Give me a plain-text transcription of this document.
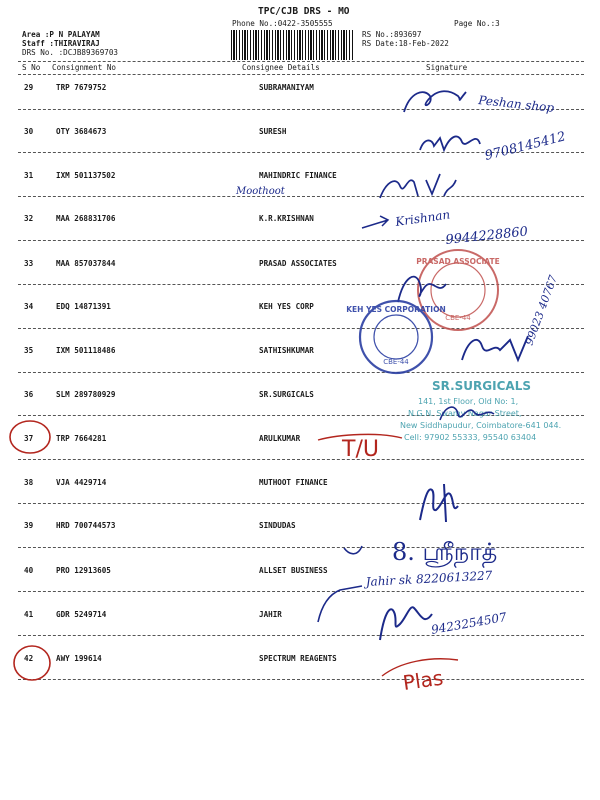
TPC/CJB DRS - MO
Phone No.:0422-3505555	Page No.:3
Area :P N PALAYAM
Staff :THIRAVIRAJ
DRS No. :DCJB89369703
RS No.:893697
RS Date:18-Feb-2022
S No Consignment No	Consignee Details	Signature
29	TRP 7679752	SUBRAMANIYAM
30	OTY 3684673	SURESH
31	IXM 501137502	MAHINDRIC FINANCE
32	MAA 268831706	K.R.KRISHNAN
33	MAA 857037844	PRASAD ASSOCIATES
34	EDQ 14871391	KEH YES CORP
35	IXM 501118486	SATHISHKUMAR
36	SLM 289780929	SR.SURGICALS
37	TRP 7664281	ARULKUMAR
38	VJA 4429714	MUTHOOT FINANCE
39	HRD 700744573	SINDUDAS
40	PRO 12913605	ALLSET BUSINESS
41	GDR 5249714	JAHIR
42	AWY 199614	SPECTRUM REAGENTS
Peshan shop
9708145412
Moothoot
Krishnan
9944228860
PRASAD ASSOCIATE
CBE-44
KEH YES CORPORATION
CBE-44
99023 40767
SR.SURGICALS
141, 1st Floor, Old No: 1,
N.G.N. Swamy Nagar Street,
New Siddhapudur, Coimbatore-641 044.
Cell: 97902 55333, 95540 63404
T/U
8. ஸ்ரீநாத்
Jahir sk 8220613227
9423254507
Plas
